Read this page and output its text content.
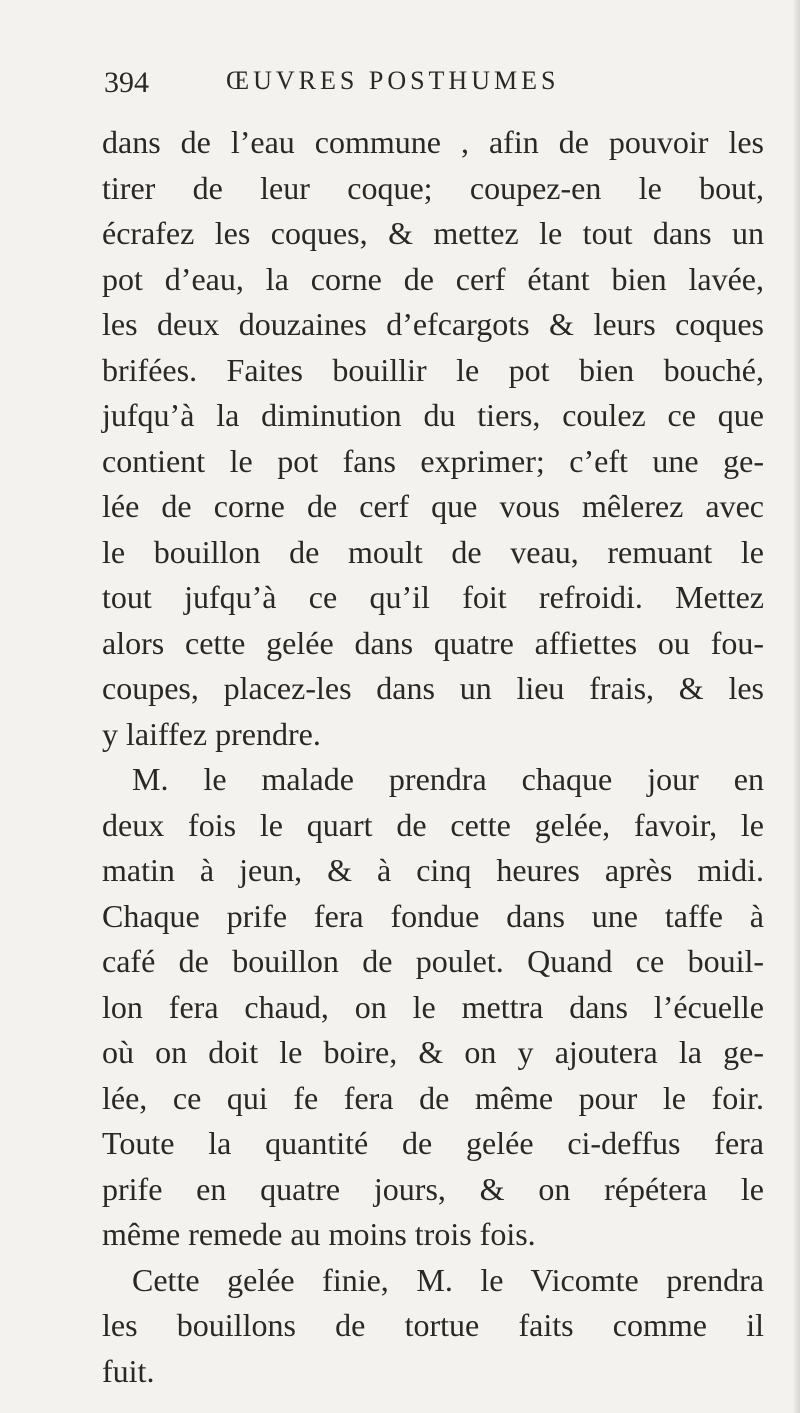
394	ŒUVRES POSTHUMES
dans de l’eau commune , afin de pouvoir les
tirer de leur coque; coupez-en le bout,
écrafez les coques, & mettez le tout dans un
pot d’eau, la corne de cerf étant bien lavée,
les deux douzaines d’efcargots & leurs coques
brifées. Faites bouillir le pot bien bouché,
jufqu’à la diminution du tiers, coulez ce que
contient le pot fans exprimer; c’eft une ge-
lée de corne de cerf que vous mêlerez avec
le bouillon de moult de veau, remuant le
tout jufqu’à ce qu’il foit refroidi. Mettez
alors cette gelée dans quatre affiettes ou fou-
coupes, placez-les dans un lieu frais, & les
y laiffez prendre.
M. le malade prendra chaque jour en
deux fois le quart de cette gelée, favoir, le
matin à jeun, & à cinq heures après midi.
Chaque prife fera fondue dans une taffe à
café de bouillon de poulet. Quand ce bouil-
lon fera chaud, on le mettra dans l’écuelle
où on doit le boire, & on y ajoutera la ge-
lée, ce qui fe fera de même pour le foir.
Toute la quantité de gelée ci-deffus fera
prife en quatre jours, & on répétera le
même remede au moins trois fois.
Cette gelée finie, M. le Vicomte prendra
les bouillons de tortue faits comme il
fuit.
